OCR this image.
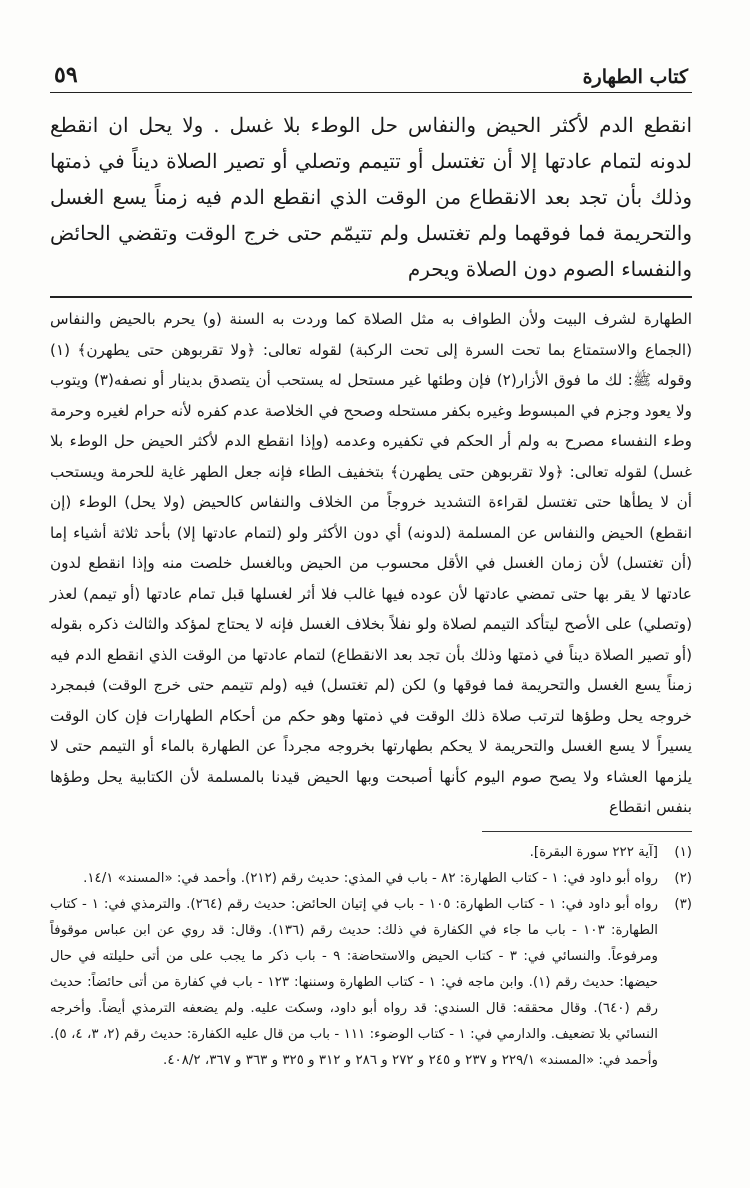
كتاب الطهارة
٥٩
انقطع الدم لأكثر الحيض والنفاس حل الوطء بلا غسل . ولا يحل ان انقطع لدونه لتمام عادتها إلا أن تغتسل أو تتيمم وتصلي أو تصير الصلاة ديناً في ذمتها وذلك بأن تجد بعد الانقطاع من الوقت الذي انقطع الدم فيه زمناً يسع الغسل والتحريمة فما فوقهما ولم تغتسل ولم تتيمّم حتى خرج الوقت وتقضي الحائض والنفساء الصوم دون الصلاة ويحرم

الطهارة لشرف البيت ولأن الطواف به مثل الصلاة كما وردت به السنة (و) يحرم بالحيض والنفاس (الجماع والاستمتاع بما تحت السرة إلى تحت الركبة) لقوله تعالى: ﴿ولا تقربوهن حتى يطهرن﴾ (١) وقوله ﷺ: لك ما فوق الأزار(٢) فإن وطئها غير مستحل له يستحب أن يتصدق بدينار أو نصفه(٣) ويتوب ولا يعود وجزم في المبسوط وغيره بكفر مستحله وصحح في الخلاصة عدم كفره لأنه حرام لغيره وحرمة وطء النفساء مصرح به ولم أر الحكم في تكفيره وعدمه (وإذا انقطع الدم لأكثر الحيض حل الوطء بلا غسل) لقوله تعالى: ﴿ولا تقربوهن حتى يطهرن﴾ بتخفيف الطاء فإنه جعل الطهر غاية للحرمة ويستحب أن لا يطأها حتى تغتسل لقراءة التشديد خروجاً من الخلاف والنفاس كالحيض (ولا يحل) الوطء (إن انقطع) الحيض والنفاس عن المسلمة (لدونه) أي دون الأكثر ولو (لتمام عادتها إلا) بأحد ثلاثة أشياء إما (أن تغتسل) لأن زمان الغسل في الأقل محسوب من الحيض وبالغسل خلصت منه وإذا انقطع لدون عادتها لا يقر بها حتى تمضي عادتها لأن عوده فيها غالب فلا أثر لغسلها قبل تمام عادتها (أو تيمم) لعذر (وتصلي) على الأصح ليتأكد التيمم لصلاة ولو نفلاً بخلاف الغسل فإنه لا يحتاج لمؤكد والثالث ذكره بقوله (أو تصير الصلاة ديناً في ذمتها وذلك بأن تجد بعد الانقطاع) لتمام عادتها من الوقت الذي انقطع الدم فيه زمناً يسع الغسل والتحريمة فما فوقها و) لكن (لم تغتسل) فيه (ولم تتيمم حتى خرج الوقت) فبمجرد خروجه يحل وطؤها لترتب صلاة ذلك الوقت في ذمتها وهو حكم من أحكام الطهارات فإن كان الوقت يسيراً لا يسع الغسل والتحريمة لا يحكم بطهارتها بخروجه مجرداً عن الطهارة بالماء أو التيمم حتى لا يلزمها العشاء ولا يصح صوم اليوم كأنها أصبحت وبها الحيض قيدنا بالمسلمة لأن الكتابية يحل وطؤها بنفس انقطاع

(١)
[آية ٢٢٢ سورة البقرة].
(٢)
رواه أبو داود في: ١ - كتاب الطهارة: ٨٢ - باب في المذي: حديث رقم (٢١٢). وأحمد في: «المسند» ١٤/١.
(٣)
رواه أبو داود في: ١ - كتاب الطهارة: ١٠٥ - باب في إتيان الحائض: حديث رقم (٢٦٤). والترمذي في: ١ - كتاب الطهارة: ١٠٣ - باب ما جاء في الكفارة في ذلك: حديث رقم (١٣٦). وقال: قد روي عن ابن عباس موقوفاً ومرفوعاً. والنسائي في: ٣ - كتاب الحيض والاستحاضة: ٩ - باب ذكر ما يجب على من أتى حليلته في حال حيضها: حديث رقم (١). وابن ماجه في: ١ - كتاب الطهارة وسننها: ١٢٣ - باب في كفارة من أتى حائضاً: حديث رقم (٦٤٠). وقال محققه: قال السندي: قد رواه أبو داود، وسكت عليه. ولم يضعفه الترمذي أيضاً. وأخرجه النسائي بلا تضعيف. والدارمي في: ١ - كتاب الوضوء: ١١١ - باب من قال عليه الكفارة: حديث رقم (٢، ٣، ٤، ٥). وأحمد في: «المسند» ٢٢٩/١ و ٢٣٧ و ٢٤٥ و ٢٧٢ و ٢٨٦ و ٣١٢ و ٣٢٥ و ٣٦٣ و ٣٦٧، ٤٠٨/٢.
